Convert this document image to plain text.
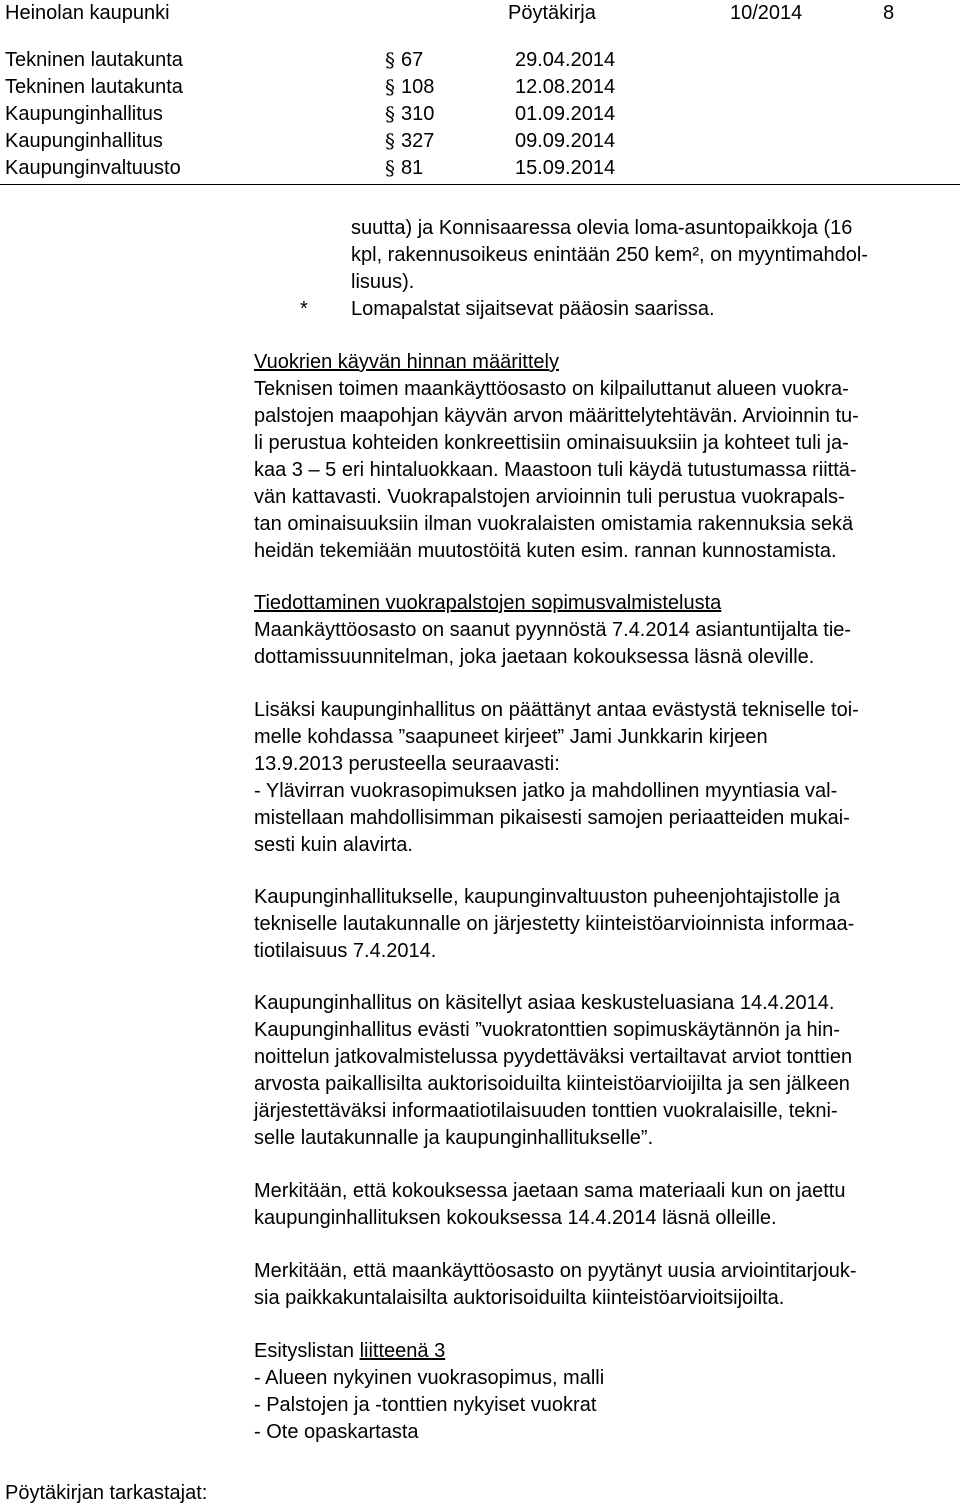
Heinolan kaupunki	Pöytäkirja	10/2014	8
Tekninen lautakunta	§ 67	29.04.2014
Tekninen lautakunta	§ 108	12.08.2014
Kaupunginhallitus	§ 310	01.09.2014
Kaupunginhallitus	§ 327	09.09.2014
Kaupunginvaltuusto	§ 81	15.09.2014
suutta) ja Konnisaaressa olevia loma-asuntopaikkoja (16
kpl, rakennusoikeus enintään 250 kem², on myyntimahdol-
lisuus).
* Lomapalstat sijaitsevat pääosin saarissa.
Vuokrien käyvän hinnan määrittely
Teknisen toimen maankäyttöosasto on kilpailuttanut alueen vuokra-
palstojen maapohjan käyvän arvon määrittelytehtävän. Arvioinnin tu-
li perustua kohteiden konkreettisiin ominaisuuksiin ja kohteet tuli ja-
kaa 3 – 5 eri hintaluokkaan. Maastoon tuli käydä tutustumassa riittä-
vän kattavasti. Vuokrapalstojen arvioinnin tuli perustua vuokrapals-
tan ominaisuuksiin ilman vuokralaisten omistamia rakennuksia sekä
heidän tekemiään muutostöitä kuten esim. rannan kunnostamista.
Tiedottaminen vuokrapalstojen sopimusvalmistelusta
Maankäyttöosasto on saanut pyynnöstä 7.4.2014 asiantuntijalta tie-
dottamissuunnitelman, joka jaetaan kokouksessa läsnä oleville.
Lisäksi kaupunginhallitus on päättänyt antaa evästystä tekniselle toi-
melle kohdassa ”saapuneet kirjeet” Jami Junkkarin kirjeen
13.9.2013 perusteella seuraavasti:
- Ylävirran vuokrasopimuksen jatko ja mahdollinen myyntiasia val-
mistellaan mahdollisimman pikaisesti samojen periaatteiden mukai-
sesti kuin alavirta.
Kaupunginhallitukselle, kaupunginvaltuuston puheenjohtajistolle ja
tekniselle lautakunnalle on järjestetty kiinteistöarvioinnista informaa-
tiotilaisuus 7.4.2014.
Kaupunginhallitus on käsitellyt asiaa keskusteluasiana 14.4.2014.
Kaupunginhallitus evästi ”vuokratonttien sopimuskäytännön ja hin-
noittelun jatkovalmistelussa pyydettäväksi vertailtavat arviot tonttien
arvosta paikallisilta auktorisoiduilta kiinteistöarvioijilta ja sen jälkeen
järjestettäväksi informaatiotilaisuuden tonttien vuokralaisille, tekni-
selle lautakunnalle ja kaupunginhallitukselle”.
Merkitään, että kokouksessa jaetaan sama materiaali kun on jaettu
kaupunginhallituksen kokouksessa 14.4.2014 läsnä olleille.
Merkitään, että maankäyttöosasto on pyytänyt uusia arviointitarjouk-
sia paikkakuntalaisilta auktorisoiduilta kiinteistöarvioitsijoilta.
Esityslistan liitteenä 3
- Alueen nykyinen vuokrasopimus, malli
- Palstojen ja -tonttien nykyiset vuokrat
- Ote opaskartasta
Pöytäkirjan tarkastajat:
